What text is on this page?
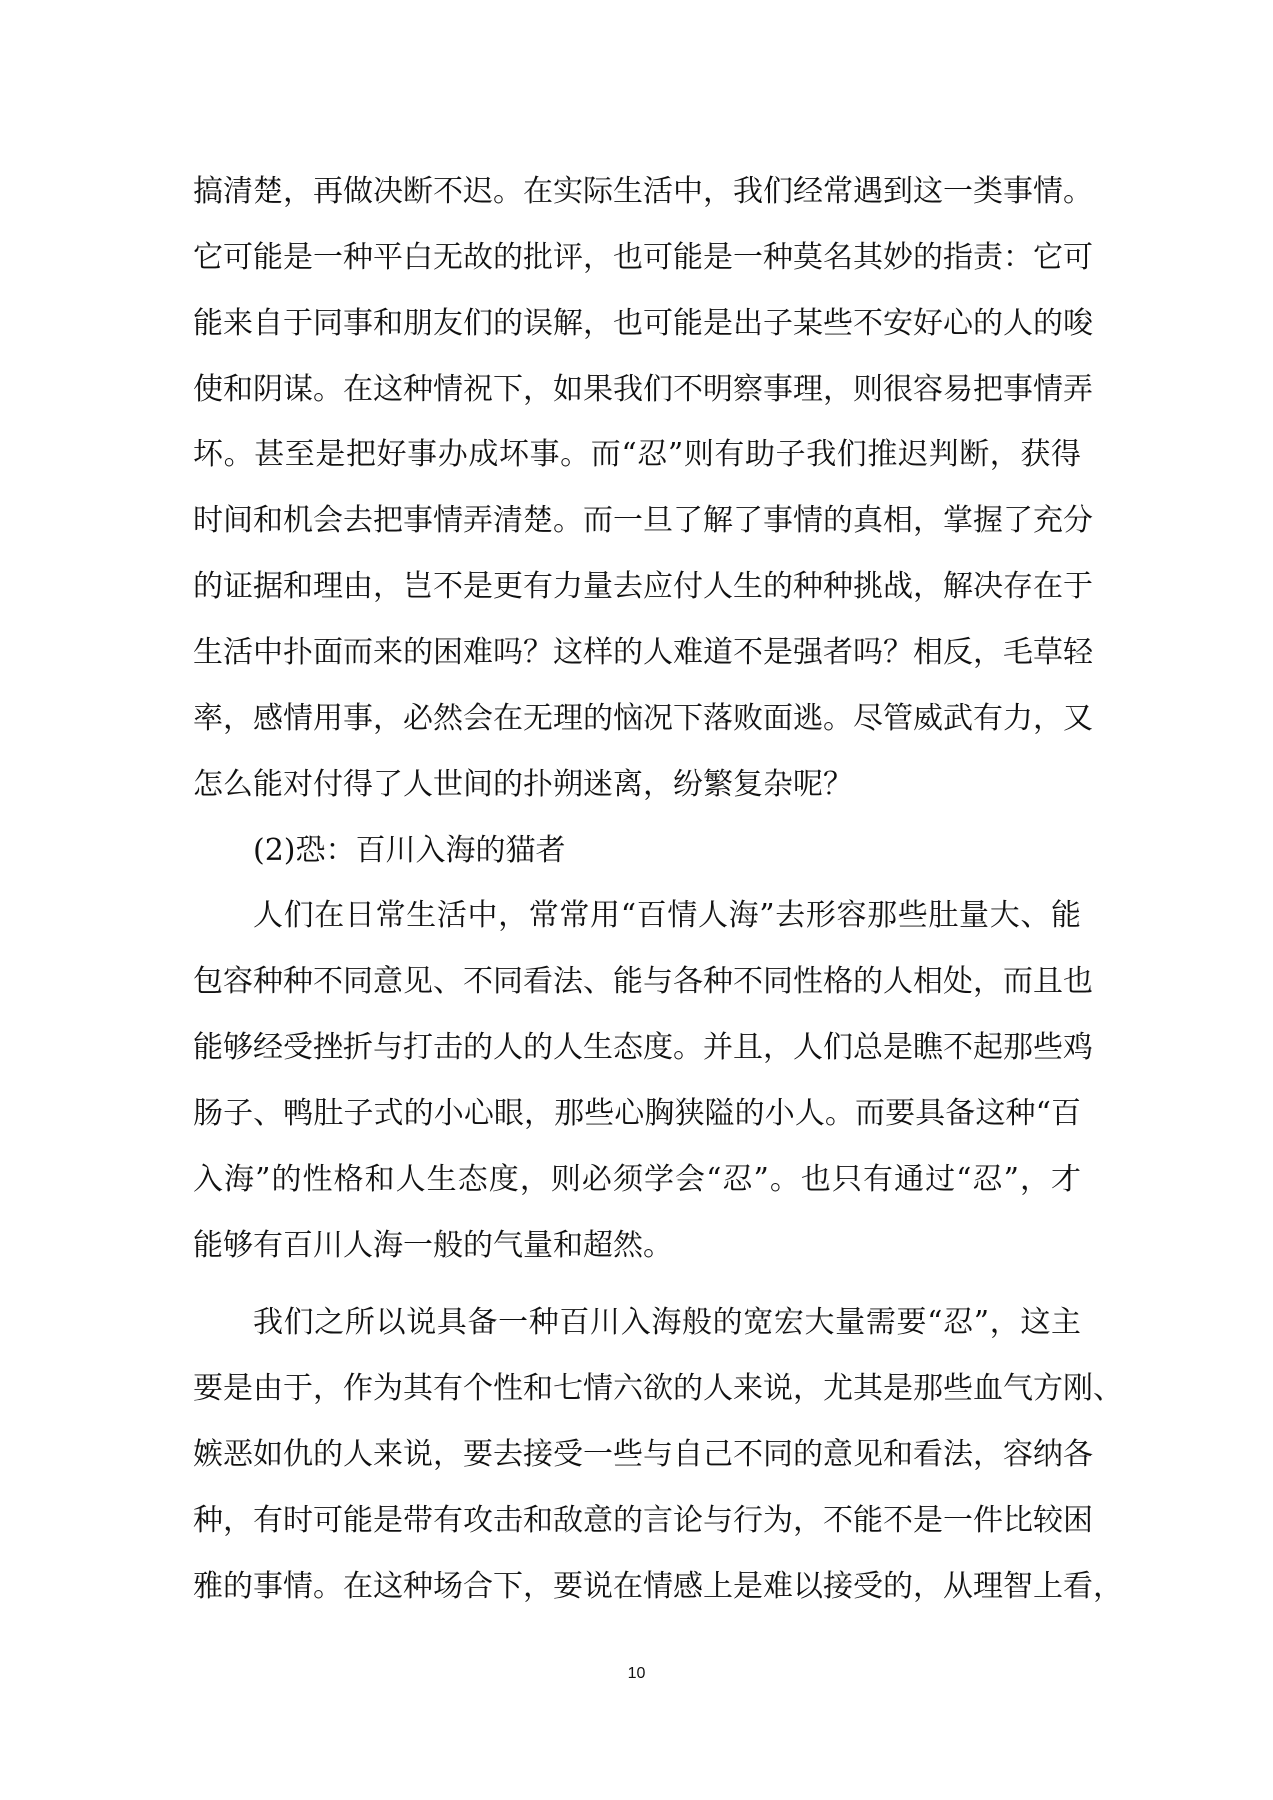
搞清楚，再做决断不迟。在实际生活中，我们经常遇到这一类事情。
它可能是一种平白无故的批评，也可能是一种莫名其妙的指责：它可
能来自于同事和朋友们的误解，也可能是出子某些不安好心的人的唆
使和阴谋。在这种情祝下，如果我们不明察事理，则很容易把事情弄
坏。甚至是把好事办成坏事。而“忍”则有助子我们推迟判断，获得
时间和机会去把事情弄清楚。而一旦了解了事情的真相，掌握了充分
的证据和理由，岂不是更有力量去应付人生的种种挑战，解决存在于
生活中扑面而来的困难吗？这样的人难道不是强者吗？相反，毛草轻
率，感情用事，必然会在无理的恼况下落败面逃。尽管威武有力，又
怎么能对付得了人世间的扑朔迷离，纷繁复杂呢？
(2)恐：百川入海的猫者
人们在日常生活中，常常用“百情人海”去形容那些肚量大、能
包容种种不同意见、不同看法、能与各种不同性格的人相处，而且也
能够经受挫折与打击的人的人生态度。并且，人们总是瞧不起那些鸡
肠子、鸭肚子式的小心眼，那些心胸狭隘的小人。而要具备这种“百
入海”的性格和人生态度，则必须学会“忍”。也只有通过“忍”，才
能够有百川人海一般的气量和超然。
我们之所以说具备一种百川入海般的宽宏大量需要“忍”，这主
要是由于，作为其有个性和七情六欲的人来说，尤其是那些血气方刚、
嫉恶如仇的人来说，要去接受一些与自己不同的意见和看法，容纳各
种，有时可能是带有攻击和敌意的言论与行为，不能不是一件比较困
雅的事情。在这种场合下，要说在情感上是难以接受的，从理智上看，
10
